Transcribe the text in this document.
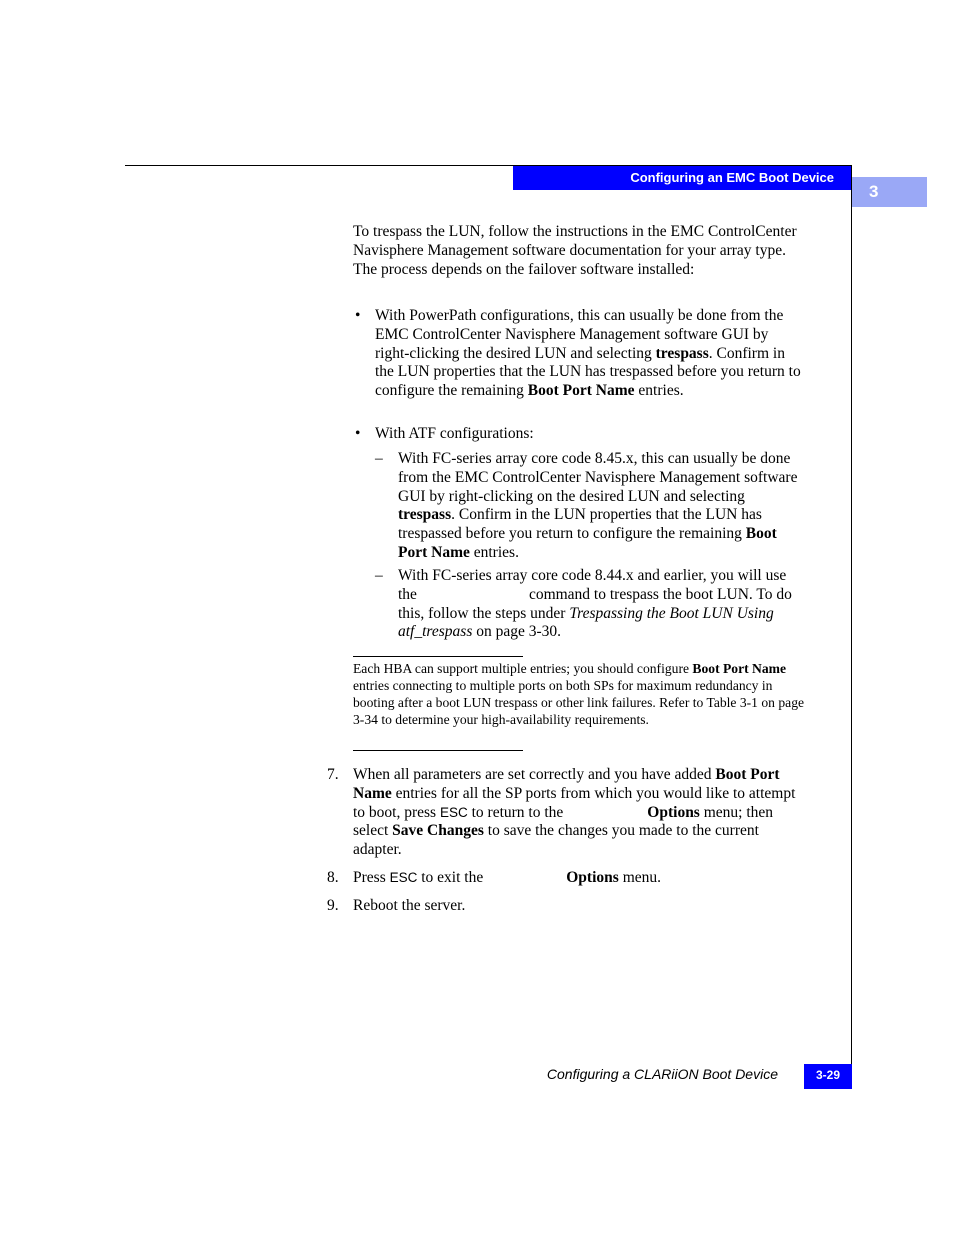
Configuring an EMC Boot Device
3
To trespass the LUN, follow the instructions in the EMC ControlCenter Navisphere Management software documentation for your array type. The process depends on the failover software installed:
• With PowerPath configurations, this can usually be done from the EMC ControlCenter Navisphere Management software GUI by right-clicking the desired LUN and selecting trespass. Confirm in the LUN properties that the LUN has trespassed before you return to configure the remaining Boot Port Name entries.
• With ATF configurations:
– With FC-series array core code 8.45.x, this can usually be done from the EMC ControlCenter Navisphere Management software GUI by right-clicking on the desired LUN and selecting trespass. Confirm in the LUN properties that the LUN has trespassed before you return to configure the remaining Boot Port Name entries.
– With FC-series array core code 8.44.x and earlier, you will use the	command to trespass the boot LUN. To do this, follow the steps under Trespassing the Boot LUN Using atf_trespass on page 3-30.
Each HBA can support multiple entries; you should configure Boot Port Name entries connecting to multiple ports on both SPs for maximum redundancy in booting after a boot LUN trespass or other link failures. Refer to Table 3-1 on page 3-34 to determine your high-availability requirements.
7. When all parameters are set correctly and you have added Boot Port Name entries for all the SP ports from which you would like to attempt to boot, press ESC to return to the	Options menu; then select Save Changes to save the changes you made to the current adapter.
8. Press ESC to exit the	Options menu.
9. Reboot the server.
Configuring a CLARiiON Boot Device	3-29
